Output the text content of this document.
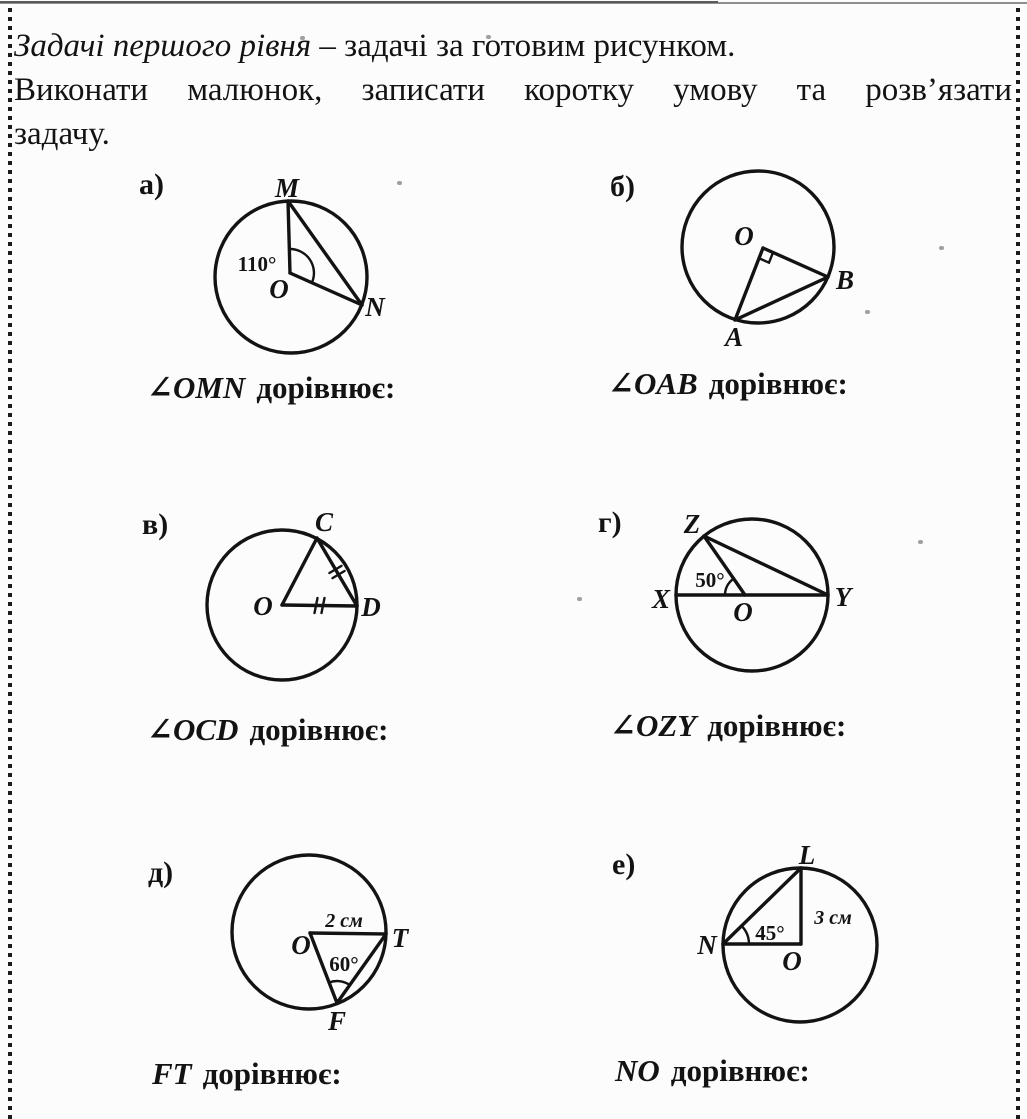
Задачі першого рівня – задачі за готовим рисунком.
Виконати малюнок, записати коротку умову та розв’язати
задачу.
а)	M
O
N
110°
∠OMN дорівнює:
б)
O
A
B
∠OAB дорівнює:
в)	C
O	D
∠OCD дорівнює:
г) Z
X	Y
O
50°
∠OZY дорівнює:
д)
2 см
60°
O	T
F
FT дорівнює:
е)	L
N
O
3 см
45°
NO дорівнює:
